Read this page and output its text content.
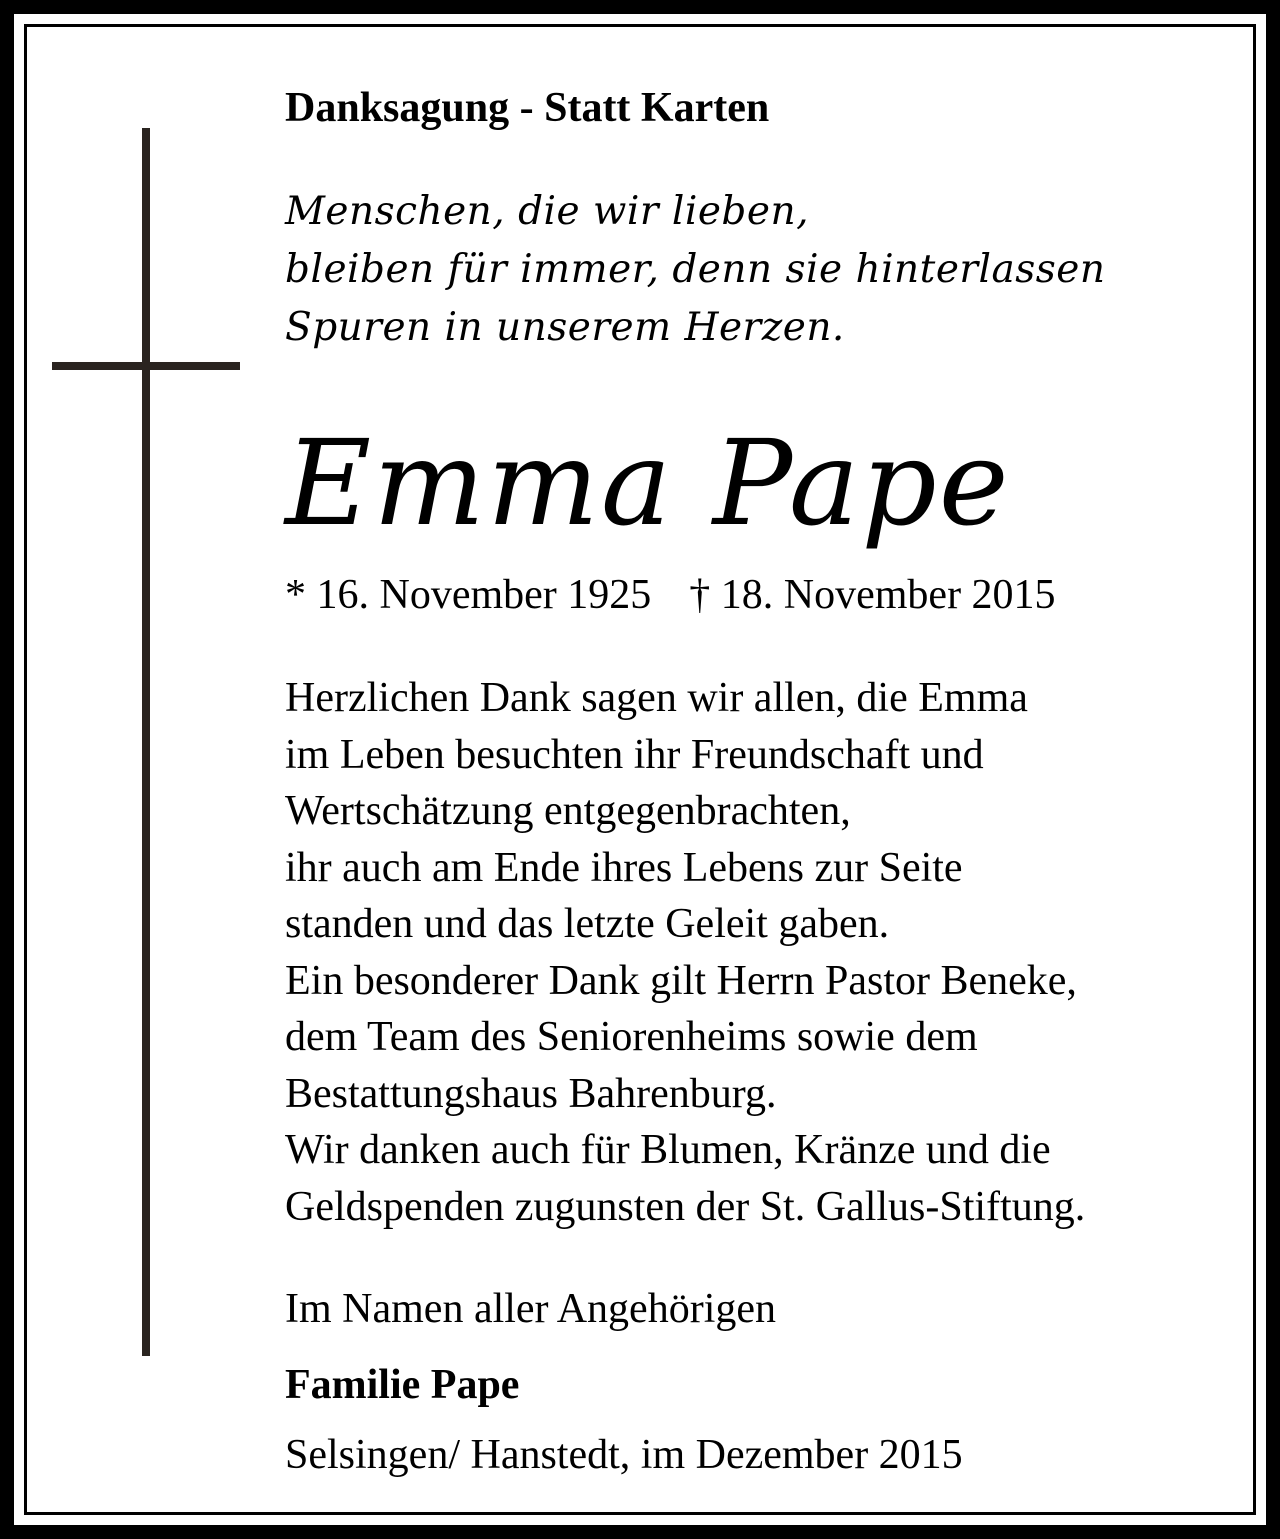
Danksagung - Statt Karten
Menschen, die wir lieben,
bleiben für immer, denn sie hinterlassen
Spuren in unserem Herzen.
Emma Pape
* 16. November 1925 † 18. November 2015
Herzlichen Dank sagen wir allen, die Emma
im Leben besuchten ihr Freundschaft und
Wertschätzung entgegenbrachten,
ihr auch am Ende ihres Lebens zur Seite
standen und das letzte Geleit gaben.
Ein besonderer Dank gilt Herrn Pastor Beneke,
dem Team des Seniorenheims sowie dem
Bestattungshaus Bahrenburg.
Wir danken auch für Blumen, Kränze und die
Geldspenden zugunsten der St. Gallus-Stiftung.
Im Namen aller Angehörigen
Familie Pape
Selsingen/ Hanstedt, im Dezember 2015
